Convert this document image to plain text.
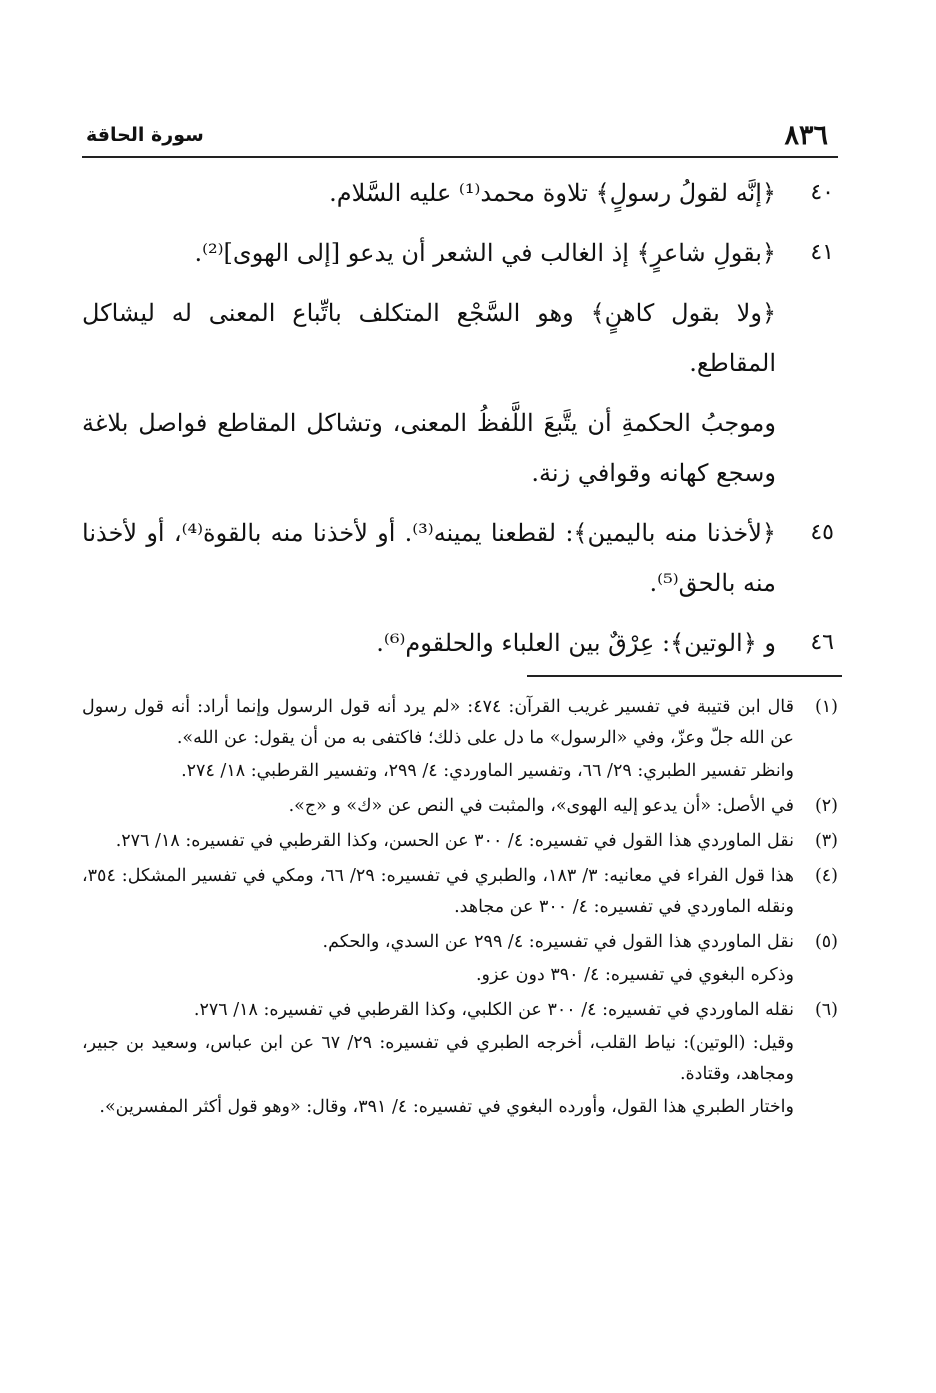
٨٣٦
سورة الحاقة
٤٠
﴿إنَّه لقولُ رسولٍ﴾ تلاوة محمد⁽¹⁾ عليه السَّلام.
٤١
﴿بقولِ شاعرٍ﴾ إذ الغالب في الشعر أن يدعو [إلى الهوى]⁽²⁾.
﴿ولا بقول كاهنٍ﴾ وهو السَّجْع المتكلف باتِّباع المعنى له ليشاكل المقاطع.
وموجبُ الحكمةِ أن يتَّبعَ اللَّفظُ المعنى، وتشاكل المقاطع فواصل بلاغة وسجع كهانه وقوافي زنة.
٤٥
﴿لأخذنا منه باليمين﴾: لقطعنا يمينه⁽³⁾. أو لأخذنا منه بالقوة⁽⁴⁾، أو لأخذنا منه بالحق⁽⁵⁾.
٤٦
و ﴿الوتين﴾: عِرْقٌ بين العلباء والحلقوم⁽⁶⁾.
(١)
قال ابن قتيبة في تفسير غريب القرآن: ٤٧٤: «لم يرد أنه قول الرسول وإنما أراد: أنه قول رسول عن الله جلّ وعزّ، وفي «الرسول» ما دل على ذلك؛ فاكتفى به من أن يقول: عن الله».
وانظر تفسير الطبري: ٢٩/ ٦٦، وتفسير الماوردي: ٤/ ٢٩٩، وتفسير القرطبي: ١٨/ ٢٧٤.
(٢)
في الأصل: «أن يدعو إليه الهوى»، والمثبت في النص عن «ك» و «ج».
(٣)
نقل الماوردي هذا القول في تفسيره: ٤/ ٣٠٠ عن الحسن، وكذا القرطبي في تفسيره: ١٨/ ٢٧٦.
(٤)
هذا قول الفراء في معانيه: ٣/ ١٨٣، والطبري في تفسيره: ٢٩/ ٦٦، ومكي في تفسير المشكل: ٣٥٤، ونقله الماوردي في تفسيره: ٤/ ٣٠٠ عن مجاهد.
(٥)
نقل الماوردي هذا القول في تفسيره: ٤/ ٢٩٩ عن السدي، والحكم.
وذكره البغوي في تفسيره: ٤/ ٣٩٠ دون عزو.
(٦)
نقله الماوردي في تفسيره: ٤/ ٣٠٠ عن الكلبي، وكذا القرطبي في تفسيره: ١٨/ ٢٧٦.
وقيل: (الوتين): نياط القلب، أخرجه الطبري في تفسيره: ٢٩/ ٦٧ عن ابن عباس، وسعيد بن جبير، ومجاهد، وقتادة.
واختار الطبري هذا القول، وأورده البغوي في تفسيره: ٤/ ٣٩١، وقال: «وهو قول أكثر المفسرين».
